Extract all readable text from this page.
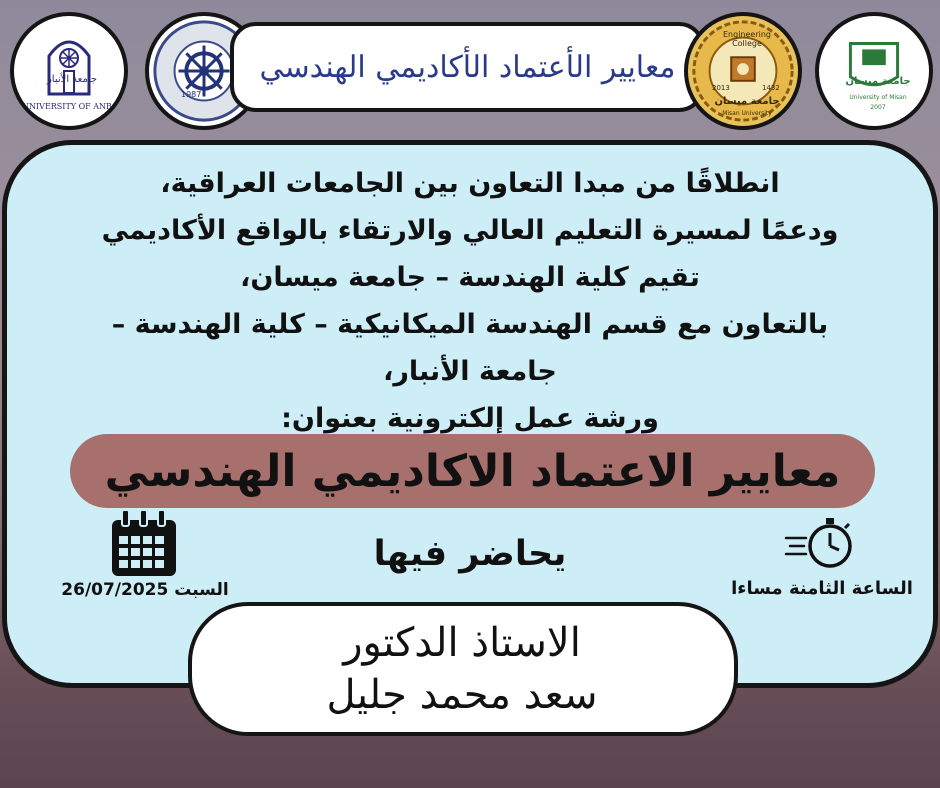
جامعة الأنبار
UNIVERSITY OF ANBAR
1987
معايير الأعتماد الأكاديمي الهندسي
Engineering College
2013	1432
جامعة ميسان
Misan University
جامعة ميسان
University of Misan
2007
انطلاقًا من مبدا التعاون بين الجامعات العراقية،
ودعمًا لمسيرة التعليم العالي والارتقاء بالواقع الأكاديمي
تقيم كلية الهندسة – جامعة ميسان،
بالتعاون مع قسم الهندسة الميكانيكية – كلية الهندسة –
جامعة الأنبار،
ورشة عمل إلكترونية بعنوان:
معايير الاعتماد الاكاديمي الهندسي
السبت 26/07/2025
يحاضر فيها
الساعة الثامنة مساءا
الاستاذ الدكتور
سعد محمد جليل
